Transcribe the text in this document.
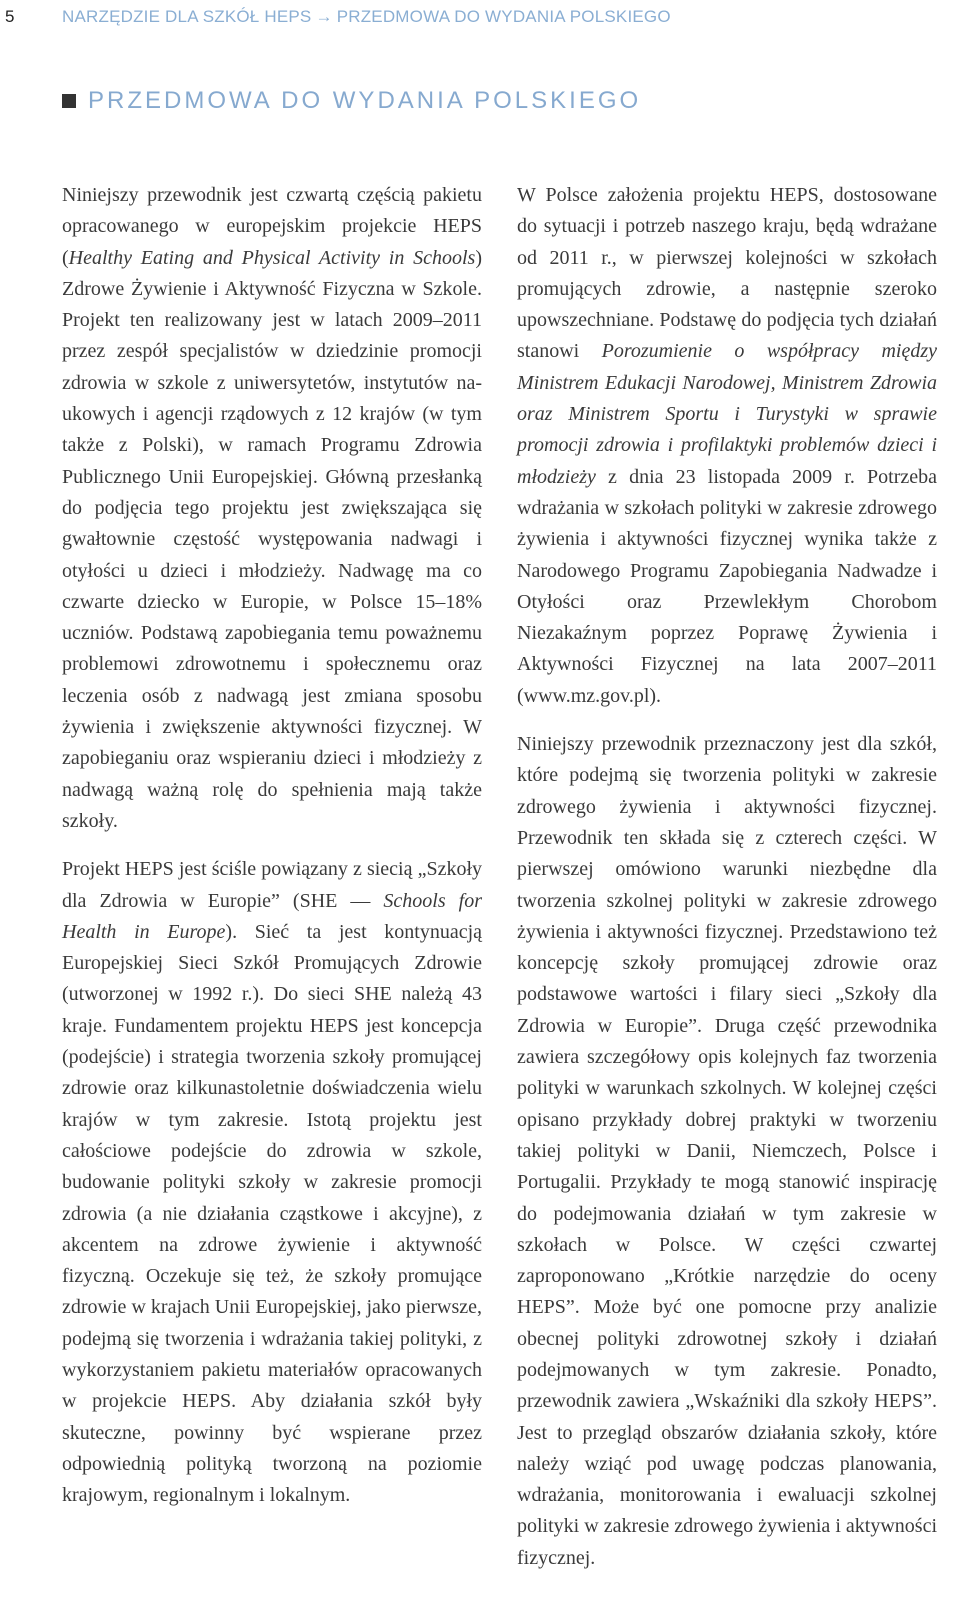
5	NARZĘDZIE DLA SZKÓŁ HEPS → PRZEDMOWA DO WYDANIA POLSKIEGO
PRZEDMOWA DO WYDANIA POLSKIEGO

Niniejszy przewodnik jest czwartą częścią pakietu opracowanego w europejskim projekcie HEPS (Healthy Eating and Physical Activity in Schools) Zdrowe Żywienie i Aktywność Fizyczna w Szkole. Projekt ten realizowany jest w latach 2009–2011 przez zespół specjalistów w dziedzinie promocji zdrowia w szkole z uniwersytetów, instytutów naukowych i agencji rządowych z 12 krajów (w tym także z Polski), w ramach Programu Zdrowia Publicznego Unii Europejskiej. Główną przesłanką do podjęcia tego projektu jest zwiększająca się gwałtownie częstość występowania nadwagi i otyłości u dzieci i młodzieży. Nadwagę ma co czwarte dziecko w Europie, w Polsce 15–18% uczniów. Podstawą zapobiegania temu poważnemu problemowi zdrowotnemu i społecznemu oraz leczenia osób z nadwagą jest zmiana sposobu żywienia i zwiększenie aktywności fizycznej. W zapobieganiu oraz wspieraniu dzieci i młodzieży z nadwagą ważną rolę do spełnienia mają także szkoły.

Projekt HEPS jest ściśle powiązany z siecią „Szkoły dla Zdrowia w Europie” (SHE — Schools for Health in Europe). Sieć ta jest kontynuacją Europejskiej Sieci Szkół Promujących Zdrowie (utworzonej w 1992 r.). Do sieci SHE należą 43 kraje. Fundamentem projektu HEPS jest koncepcja (podejście) i strategia tworzenia szkoły promującej zdrowie oraz kilkunastoletnie doświadczenia wielu krajów w tym zakresie. Istotą projektu jest całościowe podejście do zdrowia w szkole, budowanie polityki szkoły w zakresie promocji zdrowia (a nie działania cząstkowe i akcyjne), z akcentem na zdrowe żywienie i aktywność fizyczną. Oczekuje się też, że szkoły promujące zdrowie w krajach Unii Europejskiej, jako pierwsze, podejmą się tworzenia i wdrażania takiej polityki, z wykorzystaniem pakietu materiałów opracowanych w projekcie HEPS. Aby działania szkół były skuteczne, powinny być wspierane przez odpowiednią polityką tworzoną na poziomie krajowym, regionalnym i lokalnym.

W Polsce założenia projektu HEPS, dostosowane do sytuacji i potrzeb naszego kraju, będą wdrażane od 2011 r., w pierwszej kolejności w szkołach promujących zdrowie, a następnie szeroko upowszechniane. Podstawę do podjęcia tych działań stanowi Porozumienie o współpracy między Ministrem Edukacji Narodowej, Ministrem Zdrowia oraz Ministrem Sportu i Turystyki w sprawie promocji zdrowia i profilaktyki problemów dzieci i młodzieży z dnia 23 listopada 2009 r. Potrzeba wdrażania w szkołach polityki w zakresie zdrowego żywienia i aktywności fizycznej wynika także z Narodowego Programu Zapobiegania Nadwadze i Otyłości oraz Przewlekłym Chorobom Niezakaźnym poprzez Poprawę Żywienia i Aktywności Fizycznej na lata 2007–2011 (www.mz.gov.pl).

Niniejszy przewodnik przeznaczony jest dla szkół, które podejmą się tworzenia polityki w zakresie zdrowego żywienia i aktywności fizycznej. Przewodnik ten składa się z czterech części. W pierwszej omówiono warunki niezbędne dla tworzenia szkolnej polityki w zakresie zdrowego żywienia i aktywności fizycznej. Przedstawiono też koncepcję szkoły promującej zdrowie oraz podstawowe wartości i filary sieci „Szkoły dla Zdrowia w Europie”. Druga część przewodnika zawiera szczegółowy opis kolejnych faz tworzenia polityki w warunkach szkolnych. W kolejnej części opisano przykłady dobrej praktyki w tworzeniu takiej polityki w Danii, Niemczech, Polsce i Portugalii. Przykłady te mogą stanowić inspirację do podejmowania działań w tym zakresie w szkołach w Polsce. W części czwartej zaproponowano „Krótkie narzędzie do oceny HEPS”. Może być one pomocne przy analizie obecnej polityki zdrowotnej szkoły i działań podejmowanych w tym zakresie. Ponadto, przewodnik zawiera „Wskaźniki dla szkoły HEPS”. Jest to przegląd obszarów działania szkoły, które należy wziąć pod uwagę podczas planowania, wdrażania, monitorowania i ewaluacji szkolnej polityki w zakresie zdrowego żywienia i aktywności fizycznej.
